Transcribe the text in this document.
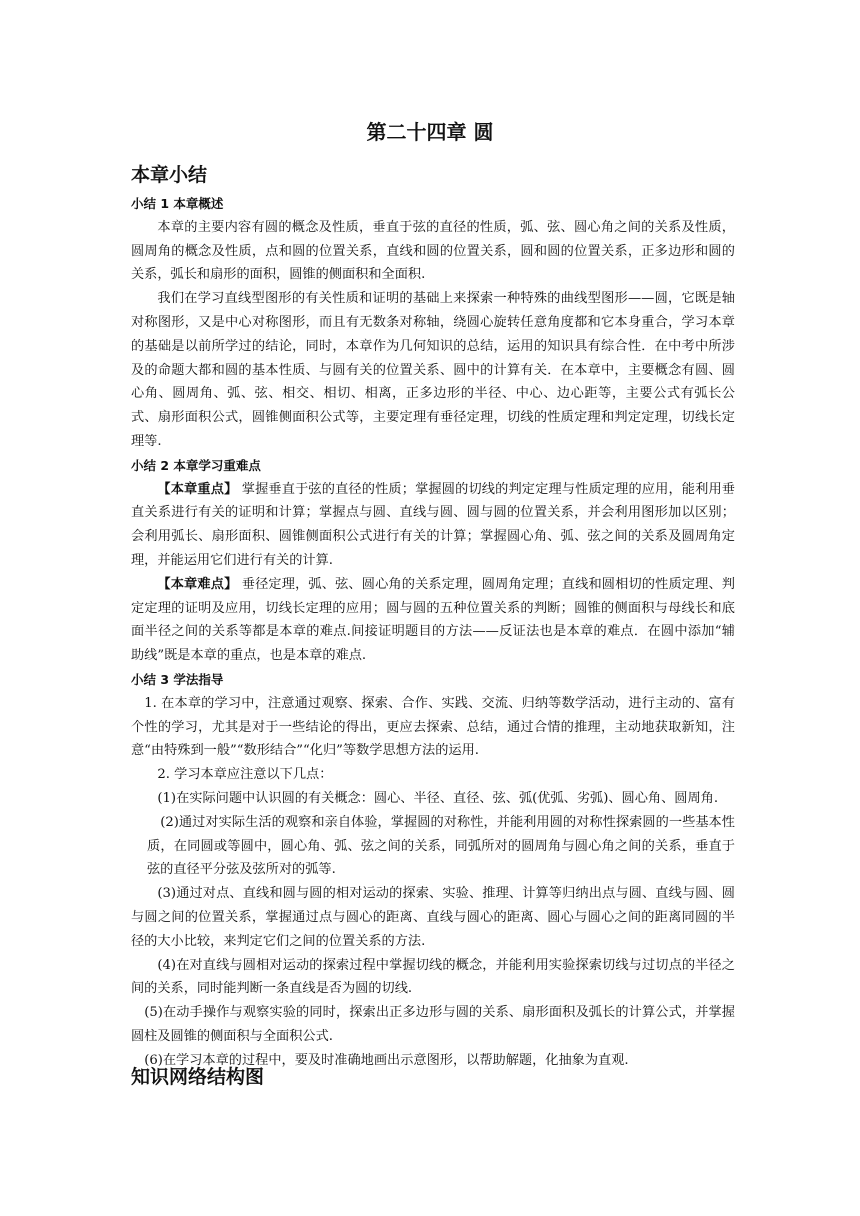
第二十四章 圆
本章小结
小结 1 本章概述

本章的主要内容有圆的概念及性质，垂直于弦的直径的性质，弧、弦、圆心角之间的关系及性质，圆周角的概念及性质，点和圆的位置关系，直线和圆的位置关系，圆和圆的位置关系，正多边形和圆的关系，弧长和扇形的面积，圆锥的侧面积和全面积.

我们在学习直线型图形的有关性质和证明的基础上来探索一种特殊的曲线型图形——圆，它既是轴对称图形，又是中心对称图形，而且有无数条对称轴，绕圆心旋转任意角度都和它本身重合，学习本章的基础是以前所学过的结论，同时，本章作为几何知识的总结，运用的知识具有综合性．在中考中所涉及的命题大都和圆的基本性质、与圆有关的位置关系、圆中的计算有关．在本章中，主要概念有圆、圆心角、圆周角、弧、弦、相交、相切、相离，正多边形的半径、中心、边心距等，主要公式有弧长公式、扇形面积公式，圆锥侧面积公式等，主要定理有垂径定理，切线的性质定理和判定定理，切线长定理等.

小结 2 本章学习重难点

【本章重点】 掌握垂直于弦的直径的性质；掌握圆的切线的判定定理与性质定理的应用，能利用垂直关系进行有关的证明和计算；掌握点与圆、直线与圆、圆与圆的位置关系，并会利用图形加以区别；会利用弧长、扇形面积、圆锥侧面积公式进行有关的计算；掌握圆心角、弧、弦之间的关系及圆周角定理，并能运用它们进行有关的计算.

【本章难点】 垂径定理，弧、弦、圆心角的关系定理，圆周角定理；直线和圆相切的性质定理、判定定理的证明及应用，切线长定理的应用；圆与圆的五种位置关系的判断；圆锥的侧面积与母线长和底面半径之间的关系等都是本章的难点.间接证明题目的方法——反证法也是本章的难点．在圆中添加“辅助线”既是本章的重点，也是本章的难点.

小结 3 学法指导

1. 在本章的学习中，注意通过观察、探索、合作、实践、交流、归纳等数学活动，进行主动的、富有个性的学习，尤其是对于一些结论的得出，更应去探索、总结，通过合情的推理，主动地获取新知，注意“由特殊到一般”“数形结合”“化归”等数学思想方法的运用.

2. 学习本章应注意以下几点：

(1)在实际问题中认识圆的有关概念：圆心、半径、直径、弦、弧(优弧、劣弧)、圆心角、圆周角.

(2)通过对实际生活的观察和亲自体验，掌握圆的对称性，并能利用圆的对称性探索圆的一些基本性质，在同圆或等圆中，圆心角、弧、弦之间的关系，同弧所对的圆周角与圆心角之间的关系，垂直于弦的直径平分弦及弦所对的弧等.

(3)通过对点、直线和圆与圆的相对运动的探索、实验、推理、计算等归纳出点与圆、直线与圆、圆与圆之间的位置关系，掌握通过点与圆心的距离、直线与圆心的距离、圆心与圆心之间的距离同圆的半径的大小比较，来判定它们之间的位置关系的方法.

(4)在对直线与圆相对运动的探索过程中掌握切线的概念，并能利用实验探索切线与过切点的半径之间的关系，同时能判断一条直线是否为圆的切线.

(5)在动手操作与观察实验的同时，探索出正多边形与圆的关系、扇形面积及弧长的计算公式，并掌握圆柱及圆锥的侧面积与全面积公式.

(6)在学习本章的过程中，要及时准确地画出示意图形，以帮助解题，化抽象为直观.

知识网络结构图
